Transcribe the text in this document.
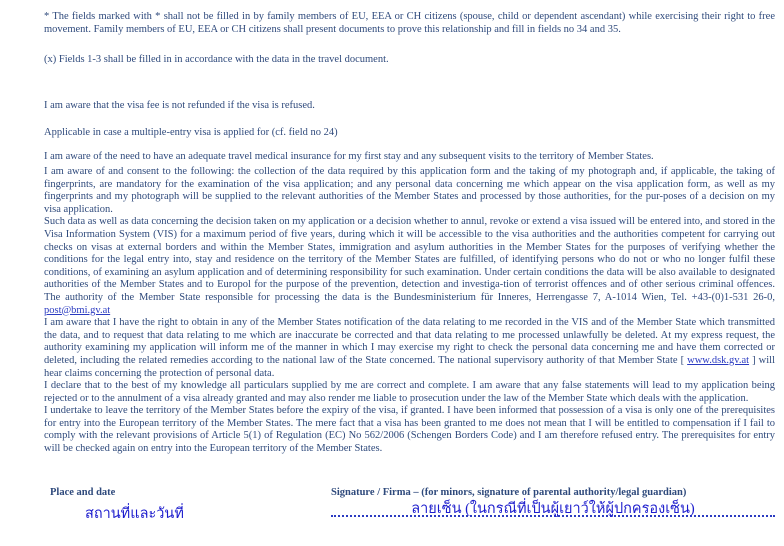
* The fields marked with * shall not be filled in by family members of EU, EEA or CH citizens (spouse, child or dependent ascendant) while exercising their right to free movement. Family members of EU, EEA or CH citizens shall present documents to prove this relationship and fill in fields no 34 and 35.

(x) Fields 1-3 shall be filled in in accordance with the data in the travel document.

I am aware that the visa fee is not refunded if the visa is refused.

Applicable in case a multiple-entry visa is applied for (cf. field no 24)

I am aware of the need to have an adequate travel medical insurance for my first stay and any subsequent visits to the territory of Member States.

I am aware of and consent to the following: the collection of the data required by this application form and the taking of my photograph and, if applicable, the taking of fingerprints, are mandatory for the examination of the visa application; and any personal data concerning me which appear on the visa application form, as well as my fingerprints and my photograph will be supplied to the relevant authorities of the Member States and processed by those authorities, for the pur-poses of a decision on my visa application.

Such data as well as data concerning the decision taken on my application or a decision whether to annul, revoke or extend a visa issued will be entered into, and stored in the Visa Information System (VIS) for a maximum period of five years, during which it will be accessible to the visa authorities and the authorities competent for carrying out checks on visas at external borders and within the Member States, immigration and asylum authorities in the Member States for the purposes of verifying whether the conditions for the legal entry into, stay and residence on the territory of the Member States are fulfilled, of identifying persons who do not or who no longer fulfil these conditions, of examining an asylum application and of determining responsibility for such examination. Under certain conditions the data will be also available to designated authorities of the Member States and to Europol for the purpose of the prevention, detection and investiga-tion of terrorist offences and of other serious criminal offences. The authority of the Member State responsible for processing the data is the Bundesministerium für Inneres, Herrengasse 7, A-1014 Wien, Tel. +43-(0)1-531 26-0, post@bmi.gv.at

I am aware that I have the right to obtain in any of the Member States notification of the data relating to me recorded in the VIS and of the Member State which transmitted the data, and to request that data relating to me which are inaccurate be corrected and that data relating to me processed unlawfully be deleted. At my express request, the authority examining my application will inform me of the manner in which I may exercise my right to check the personal data concerning me and have them corrected or deleted, including the related remedies according to the national law of the State concerned. The national supervisory authority of that Member State [ www.dsk.gv.at ] will hear claims concerning the protection of personal data.

I declare that to the best of my knowledge all particulars supplied by me are correct and complete. I am aware that any false statements will lead to my application being rejected or to the annulment of a visa already granted and may also render me liable to prosecution under the law of the Member State which deals with the application.

I undertake to leave the territory of the Member States before the expiry of the visa, if granted. I have been informed that possession of a visa is only one of the prerequisites for entry into the European territory of the Member States. The mere fact that a visa has been granted to me does not mean that I will be entitled to compensation if I fail to comply with the relevant provisions of Article 5(1) of Regulation (EC) No 562/2006 (Schengen Borders Code) and I am therefore refused entry. The prerequisites for entry will be checked again on entry into the European territory of the Member States.

Place and date
สถานที่และวันที่
Signature / Firma – (for minors, signature of parental authority/legal guardian)
ลายเซ็น (ในกรณีที่เป็นผู้เยาว์ให้ผู้ปกครองเซ็น)
